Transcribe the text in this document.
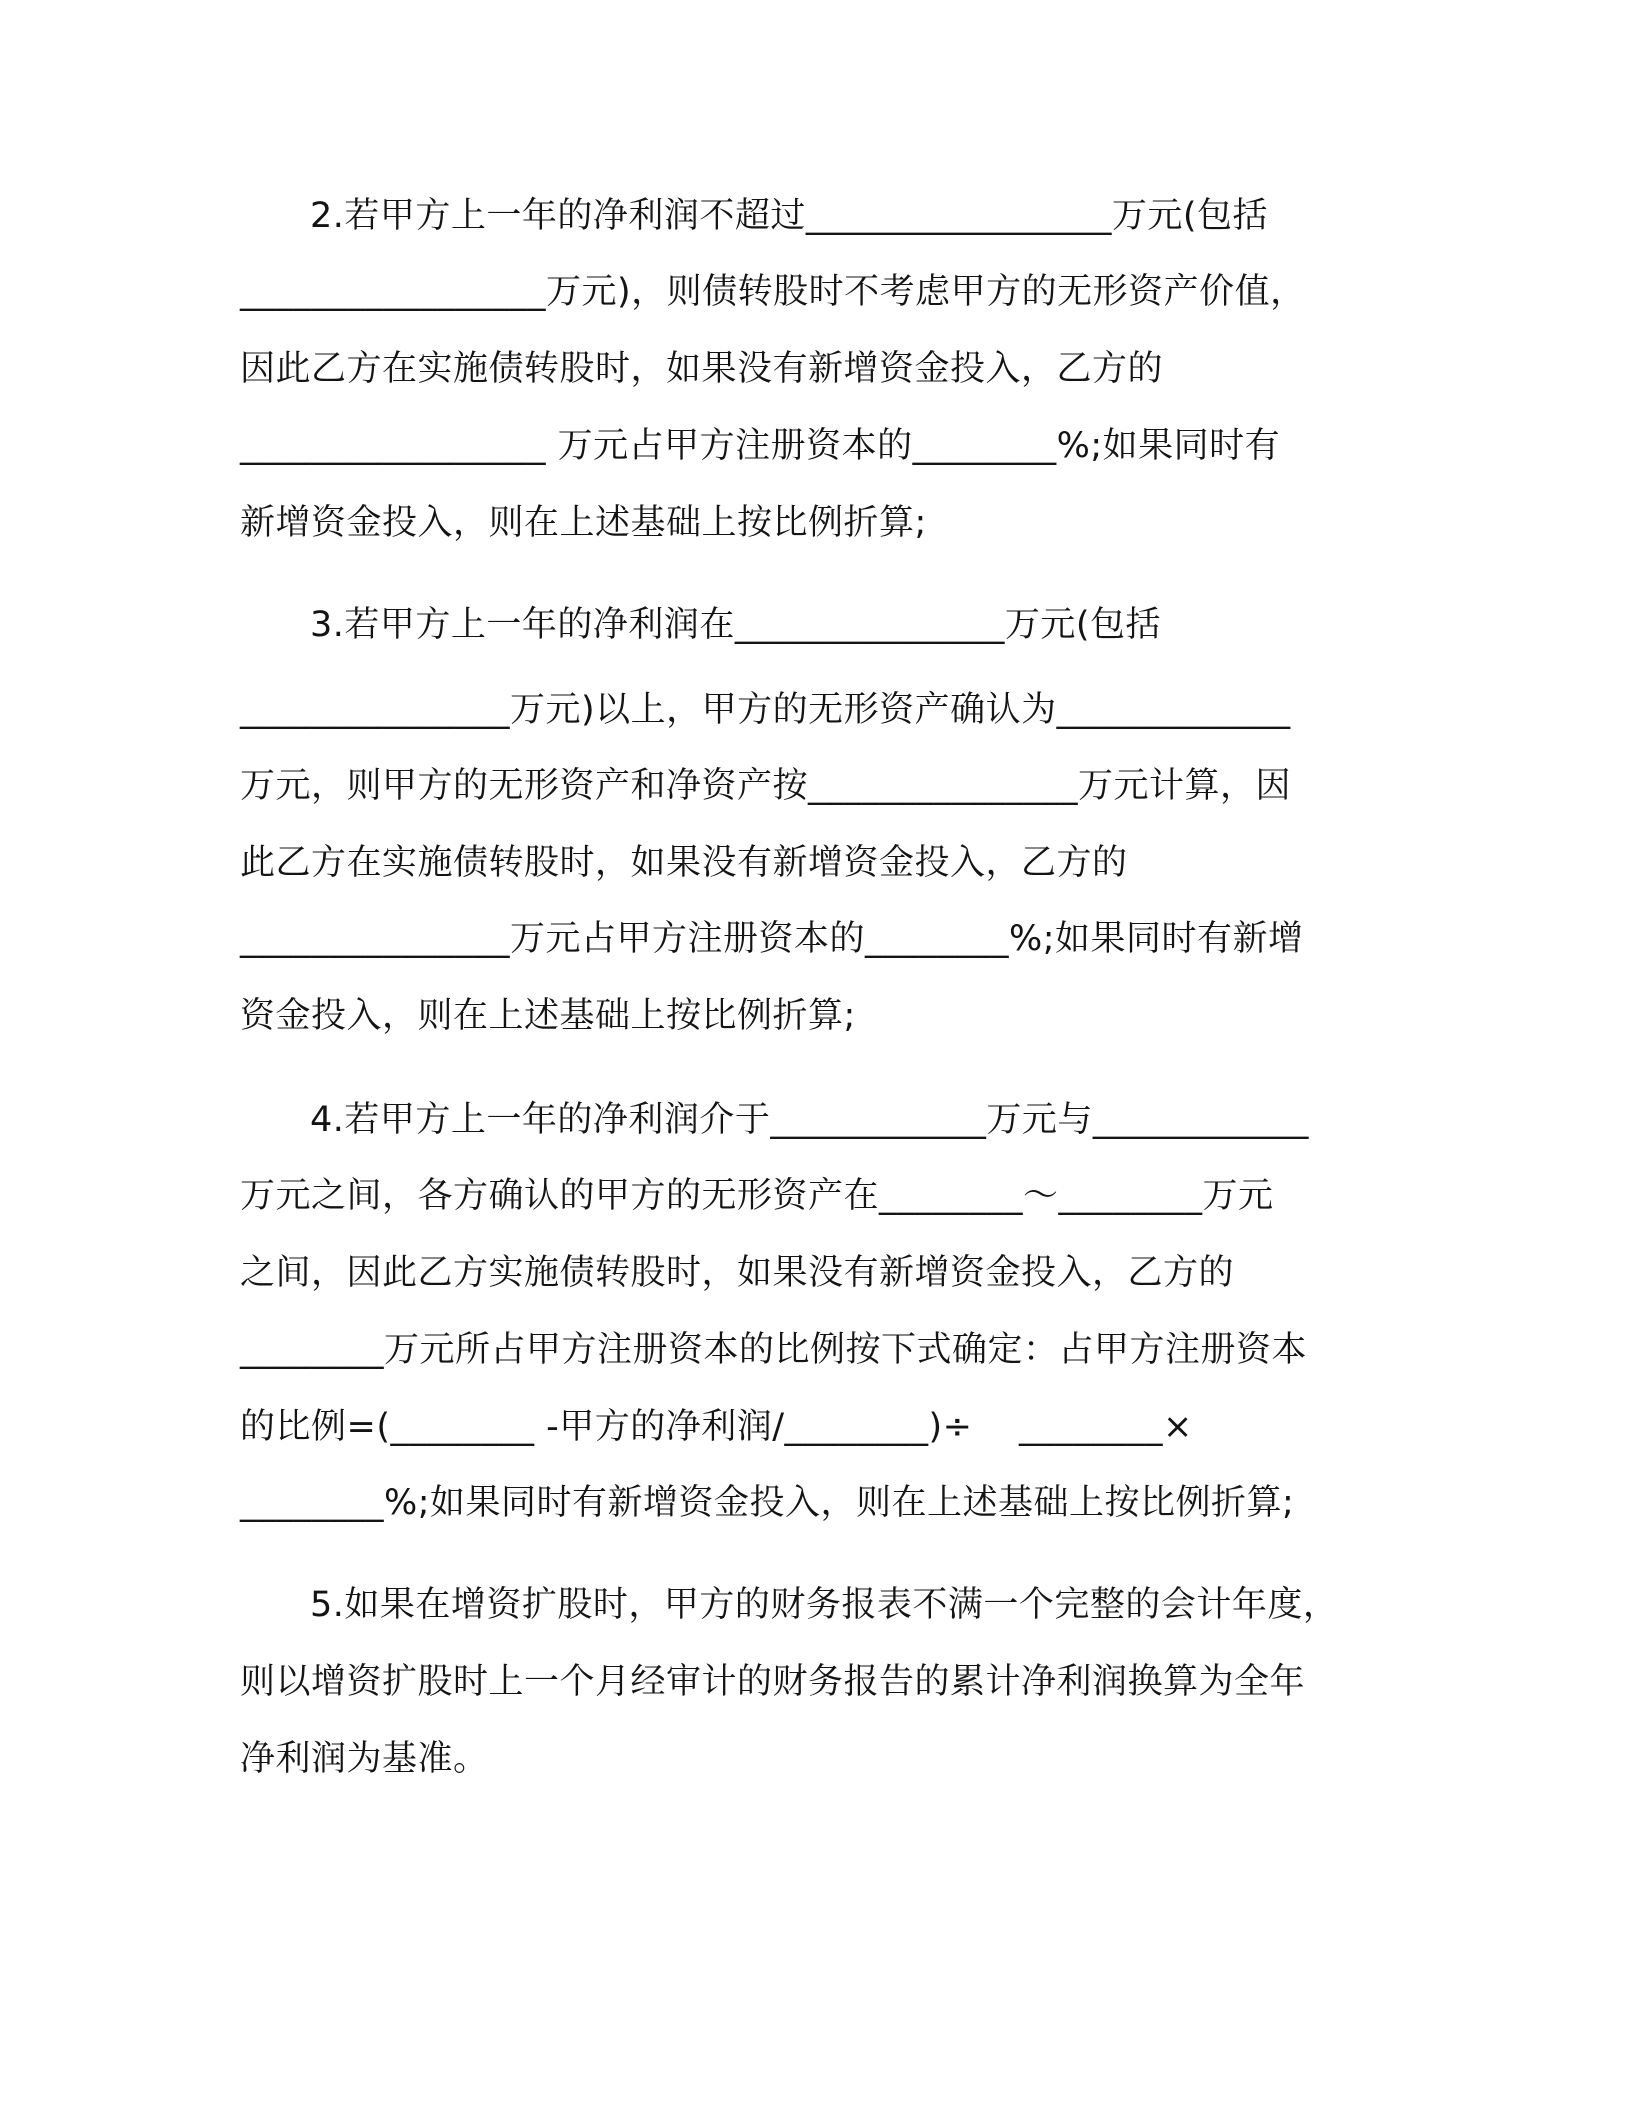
2.若甲方上一年的净利润不超过_________________万元(包括
_________________万元)，则债转股时不考虑甲方的无形资产价值，
因此乙方在实施债转股时，如果没有新增资金投入，乙方的
_________________ 万元占甲方注册资本的________%;如果同时有
新增资金投入，则在上述基础上按比例折算;
3.若甲方上一年的净利润在_______________万元(包括
_______________万元)以上，甲方的无形资产确认为_____________
万元，则甲方的无形资产和净资产按_______________万元计算，因
此乙方在实施债转股时，如果没有新增资金投入，乙方的
_______________万元占甲方注册资本的________%;如果同时有新增
资金投入，则在上述基础上按比例折算;
4.若甲方上一年的净利润介于____________万元与____________
万元之间，各方确认的甲方的无形资产在________～________万元
之间，因此乙方实施债转股时，如果没有新增资金投入，乙方的
________万元所占甲方注册资本的比例按下式确定：占甲方注册资本
的比例=(________ -甲方的净利润/________)÷    ________×
________%;如果同时有新增资金投入，则在上述基础上按比例折算;
5.如果在增资扩股时，甲方的财务报表不满一个完整的会计年度，
则以增资扩股时上一个月经审计的财务报告的累计净利润换算为全年
净利润为基准。
